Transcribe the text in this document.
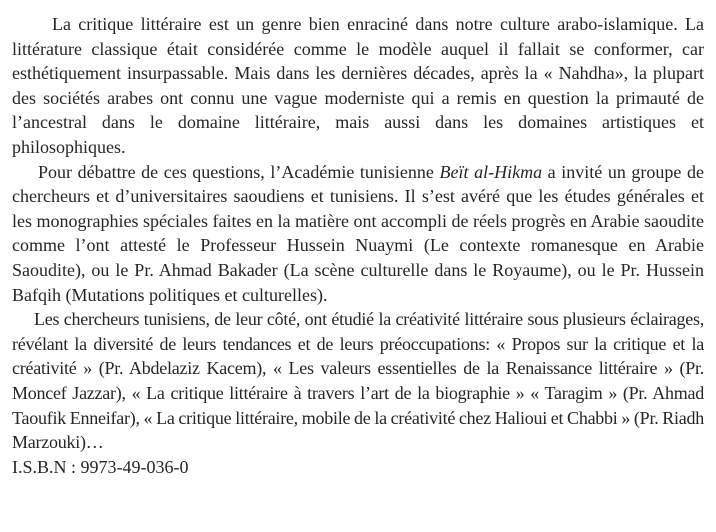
La critique littéraire est un genre bien enraciné dans notre culture arabo-islamique. La littérature classique était considérée comme le modèle auquel il fallait se conformer, car esthétiquement insurpassable. Mais dans les dernières décades, après la « Nahdha», la plupart des sociétés arabes ont connu une vague moderniste qui a remis en question la primauté de l’ancestral dans le domaine littéraire, mais aussi dans les domaines artistiques et philosophiques.

Pour débattre de ces questions, l’Académie tunisienne Beït al-Hikma a invité un groupe de chercheurs et d’universitaires saoudiens et tunisiens. Il s’est avéré que les études générales et les monographies spéciales faites en la matière ont accompli de réels progrès en Arabie saoudite comme l’ont attesté le Professeur Hussein Nuaymi (Le contexte romanesque en Arabie Saoudite), ou le Pr. Ahmad Bakader (La scène culturelle dans le Royaume), ou le Pr. Hussein Bafqih (Mutations politiques et culturelles).

Les chercheurs tunisiens, de leur côté, ont étudié la créativité littéraire sous plusieurs éclairages, révélant la diversité de leurs tendances et de leurs préoccupations: « Propos sur la critique et la créativité » (Pr. Abdelaziz Kacem), « Les valeurs essentielles de la Renaissance littéraire » (Pr. Moncef Jazzar), « La critique littéraire à travers l’art de la biographie » « Taragim » (Pr. Ahmad Taoufik Enneifar), « La critique littéraire, mobile de la créativité chez Halioui et Chabbi » (Pr. Riadh Marzouki)…

I.S.B.N : 9973-49-036-0
